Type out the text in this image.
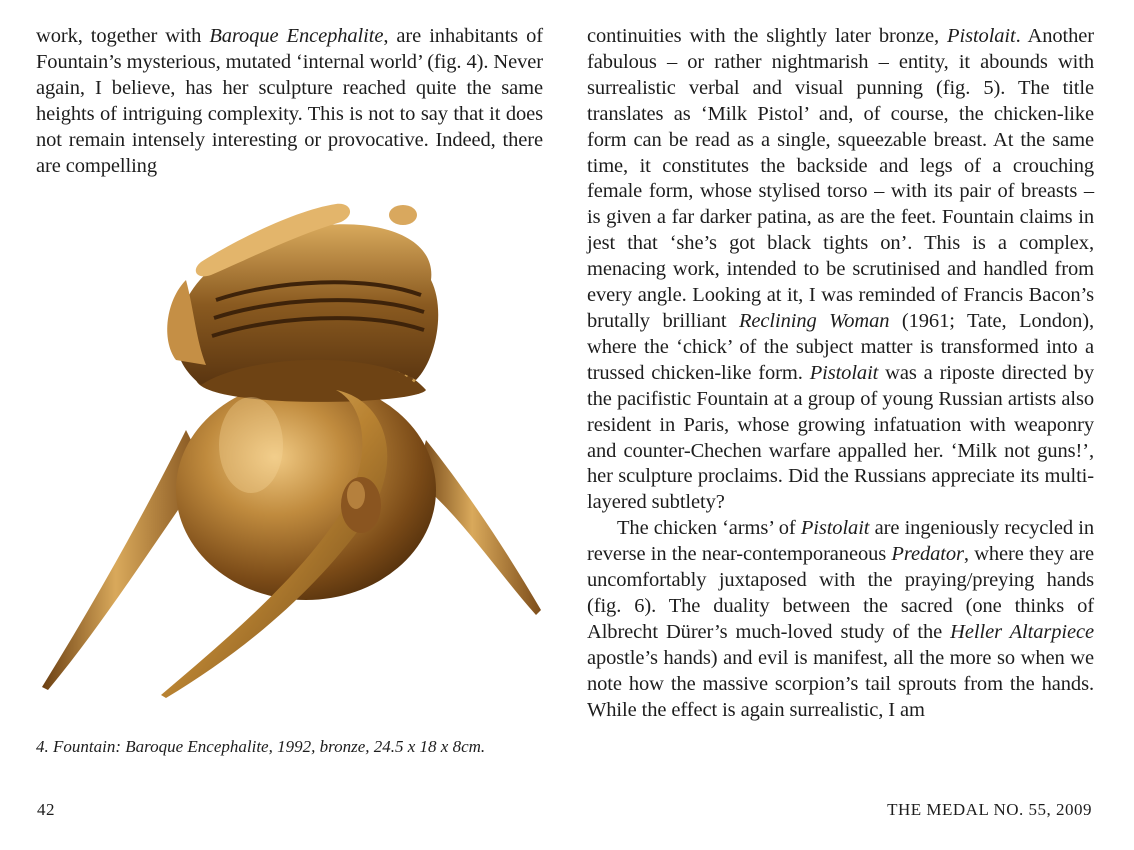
work, together with Baroque Encephalite, are inhabitants of Fountain’s mysterious, mutated ‘internal world’ (fig. 4). Never again, I believe, has her sculpture reached quite the same heights of intriguing complexity. This is not to say that it does not remain intensely interesting or provocative. Indeed, there are compelling

4. Fountain: Baroque Encephalite, 1992, bronze, 24.5 x 18 x 8cm.

continuities with the slightly later bronze, Pistolait. Another fabulous – or rather nightmarish – entity, it abounds with surrealistic verbal and visual punning (fig. 5). The title translates as ‘Milk Pistol’ and, of course, the chicken-like form can be read as a single, squeezable breast. At the same time, it constitutes the backside and legs of a crouching female form, whose stylised torso – with its pair of breasts – is given a far darker patina, as are the feet. Fountain claims in jest that ‘she’s got black tights on’. This is a complex, menacing work, intended to be scrutinised and handled from every angle. Looking at it, I was reminded of Francis Bacon’s brutally brilliant Reclining Woman (1961; Tate, London), where the ‘chick’ of the subject matter is transformed into a trussed chicken-like form. Pistolait was a riposte directed by the pacifistic Fountain at a group of young Russian artists also resident in Paris, whose growing infatuation with weaponry and counter-Chechen warfare appalled her. ‘Milk not guns!’, her sculpture proclaims. Did the Russians appreciate its multi-layered subtlety?

The chicken ‘arms’ of Pistolait are ingeniously recycled in reverse in the near-contemporaneous Predator, where they are uncomfortably juxtaposed with the praying/preying hands (fig. 6). The duality between the sacred (one thinks of Albrecht Dürer’s much-loved study of the Heller Altarpiece apostle’s hands) and evil is manifest, all the more so when we note how the massive scorpion’s tail sprouts from the hands. While the effect is again surrealistic, I am

42	THE MEDAL NO. 55, 2009
